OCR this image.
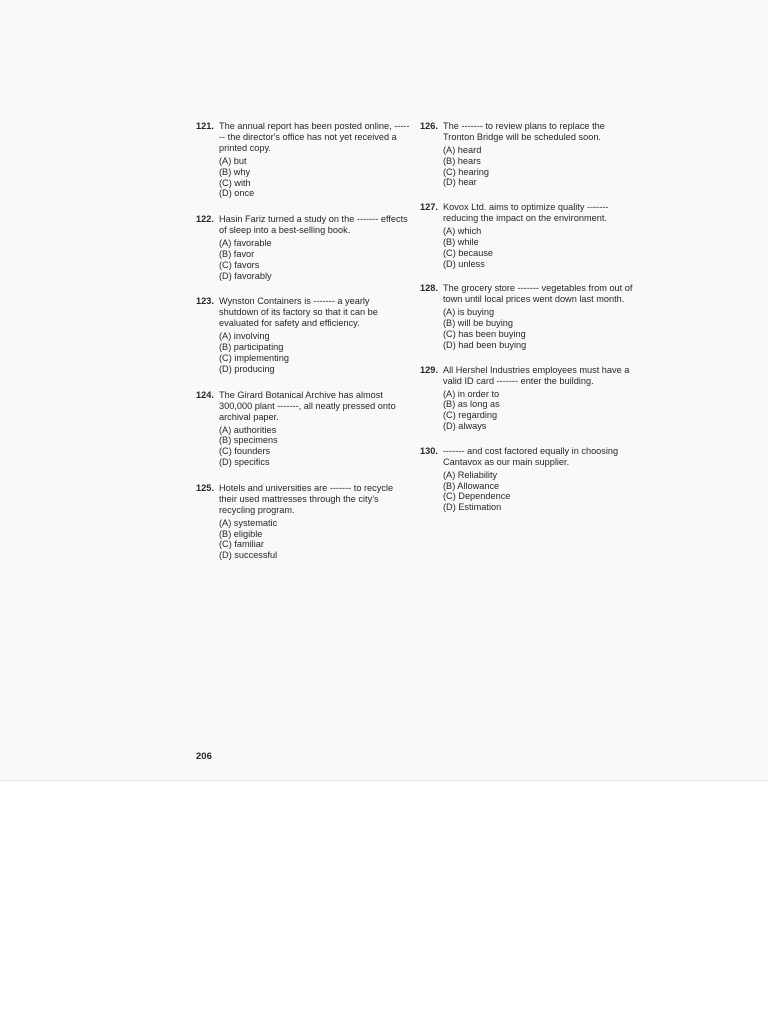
121. The annual report has been posted online, ------- the director's office has not yet received a printed copy.
(A) but
(B) why
(C) with
(D) once
122. Hasin Fariz turned a study on the ------- effects of sleep into a best-selling book.
(A) favorable
(B) favor
(C) favors
(D) favorably
123. Wynston Containers is ------- a yearly shutdown of its factory so that it can be evaluated for safety and efficiency.
(A) involving
(B) participating
(C) implementing
(D) producing
124. The Girard Botanical Archive has almost 300,000 plant -------, all neatly pressed onto archival paper.
(A) authorities
(B) specimens
(C) founders
(D) specifics
125. Hotels and universities are ------- to recycle their used mattresses through the city's recycling program.
(A) systematic
(B) eligible
(C) familiar
(D) successful
126. The ------- to review plans to replace the Tronton Bridge will be scheduled soon.
(A) heard
(B) hears
(C) hearing
(D) hear
127. Kovox Ltd. aims to optimize quality ------- reducing the impact on the environment.
(A) which
(B) while
(C) because
(D) unless
128. The grocery store ------- vegetables from out of town until local prices went down last month.
(A) is buying
(B) will be buying
(C) has been buying
(D) had been buying
129. All Hershel Industries employees must have a valid ID card ------- enter the building.
(A) in order to
(B) as long as
(C) regarding
(D) always
130. ------- and cost factored equally in choosing Cantavox as our main supplier.
(A) Reliability
(B) Allowance
(C) Dependence
(D) Estimation
206
